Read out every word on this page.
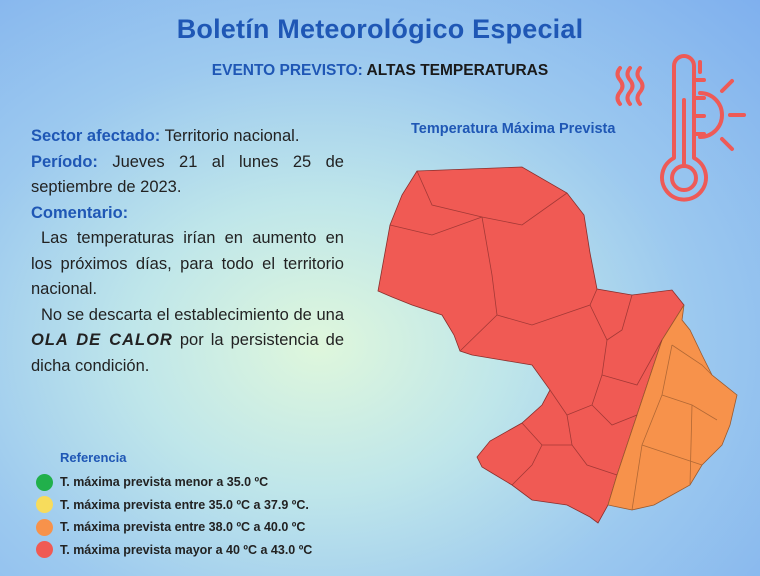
Boletín Meteorológico Especial
EVENTO PREVISTO: ALTAS TEMPERATURAS

Sector afectado: Territorio nacional.

Período: Jueves 21 al lunes 25 de septiembre de 2023.

Comentario:

Las temperaturas irían en aumento en los próximos días, para todo el territorio nacional.

No se descarta el establecimiento de una OLA DE CALOR por la persistencia de dicha condición.

Temperatura Máxima Prevista
Referencia
T. máxima prevista menor a 35.0 ºC
T. máxima prevista entre 35.0 ºC a 37.9 ºC.
T. máxima prevista entre 38.0 ºC a 40.0 ºC
T. máxima prevista mayor a 40 ºC a 43.0 ºC
